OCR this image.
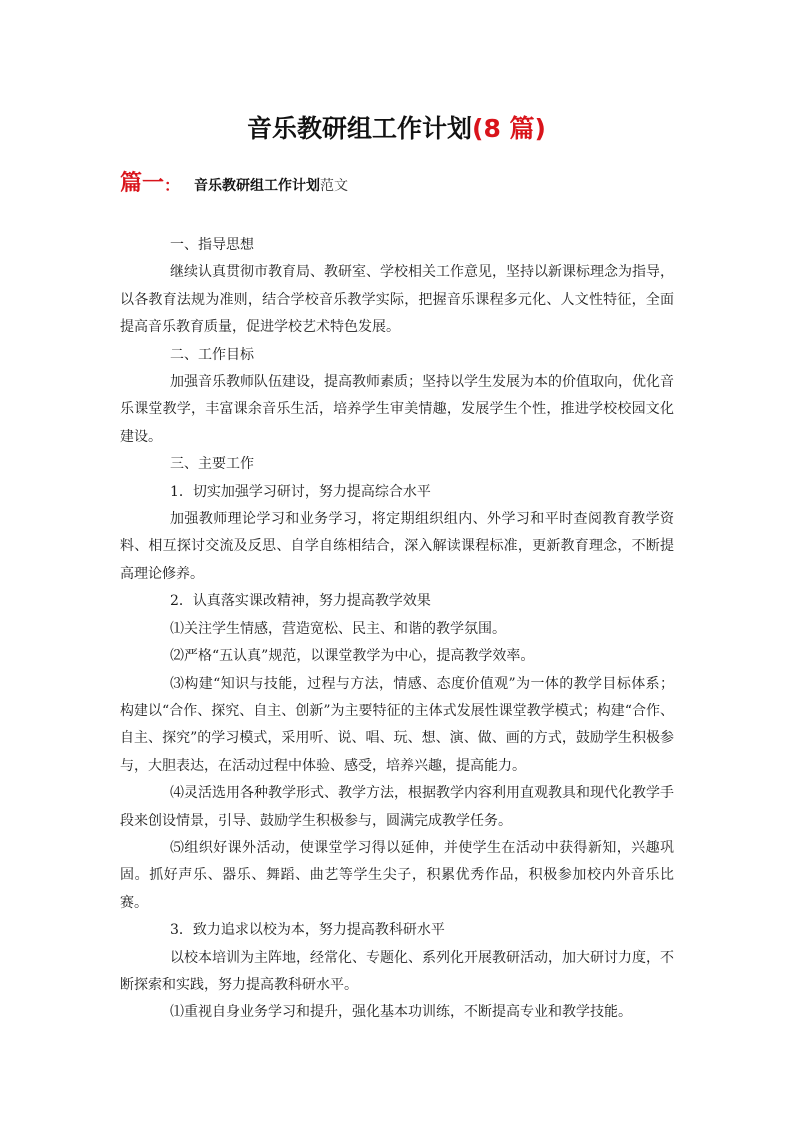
音乐教研组工作计划(8 篇)
篇一 ： 音乐教研组工作计划 范文

一、指导思想

继续认真贯彻市教育局、教研室、学校相关工作意见，坚持以新课标理念为指导，以各教育法规为准则，结合学校音乐教学实际，把握音乐课程多元化、人文性特征，全面提高音乐教育质量，促进学校艺术特色发展。

二、工作目标

加强音乐教师队伍建设，提高教师素质；坚持以学生发展为本的价值取向，优化音乐课堂教学，丰富课余音乐生活，培养学生审美情趣，发展学生个性，推进学校校园文化建设。

三、主要工作

1．切实加强学习研讨，努力提高综合水平

加强教师理论学习和业务学习，将定期组织组内、外学习和平时查阅教育教学资料、相互探讨交流及反思、自学自练相结合，深入解读课程标准，更新教育理念，不断提高理论修养。

2．认真落实课改精神，努力提高教学效果

⑴关注学生情感，营造宽松、民主、和谐的教学氛围。

⑵严格“五认真”规范，以课堂教学为中心，提高教学效率。

⑶构建“知识与技能，过程与方法，情感、态度价值观”为一体的教学目标体系；构建以“合作、探究、自主、创新”为主要特征的主体式发展性课堂教学模式；构建“合作、自主、探究”的学习模式，采用听、说、唱、玩、想、演、做、画的方式，鼓励学生积极参与，大胆表达，在活动过程中体验、感受，培养兴趣，提高能力。

⑷灵活选用各种教学形式、教学方法，根据教学内容利用直观教具和现代化教学手段来创设情景，引导、鼓励学生积极参与，圆满完成教学任务。

⑸组织好课外活动，使课堂学习得以延伸，并使学生在活动中获得新知，兴趣巩固。抓好声乐、器乐、舞蹈、曲艺等学生尖子，积累优秀作品，积极参加校内外音乐比赛。

3．致力追求以校为本，努力提高教科研水平

以校本培训为主阵地，经常化、专题化、系列化开展教研活动，加大研讨力度，不断探索和实践，努力提高教科研水平。

⑴重视自身业务学习和提升，强化基本功训练，不断提高专业和教学技能。
